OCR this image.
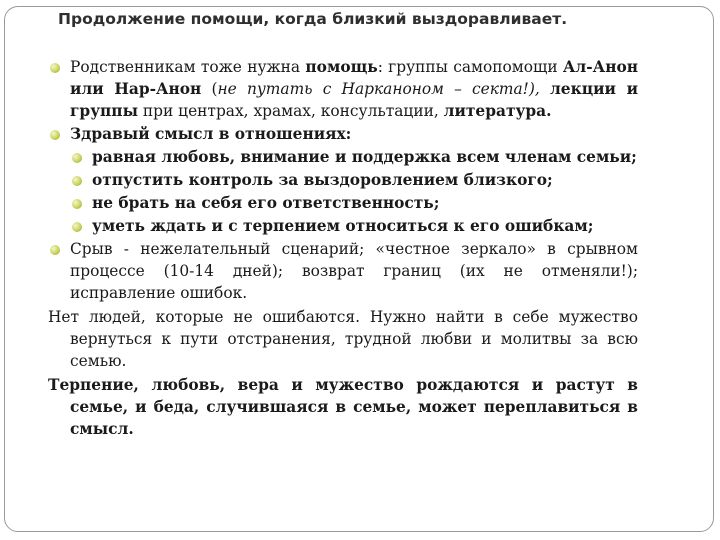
Продолжение помощи, когда близкий выздоравливает.
Родственникам тоже нужна помощь: группы самопомощи Ал-Анон или Нар-Анон (не путать с Нарканоном – секта!), лекции и группы при центрах, храмах, консультации, литература.
Здравый смысл в отношениях:
равная любовь, внимание и поддержка всем членам семьи;
отпустить контроль за выздоровлением близкого;
не брать на себя его ответственность;
уметь ждать и с терпением относиться к его ошибкам;
Срыв - нежелательный сценарий; «честное зеркало» в срывном процессе (10-14 дней); возврат границ (их не отменяли!); исправление ошибок.
Нет людей, которые не ошибаются. Нужно найти в себе мужество вернуться к пути отстранения, трудной любви и молитвы за всю семью.
Терпение, любовь, вера и мужество рождаются и растут в семье, и беда, случившаяся в семье, может переплавиться в смысл.
